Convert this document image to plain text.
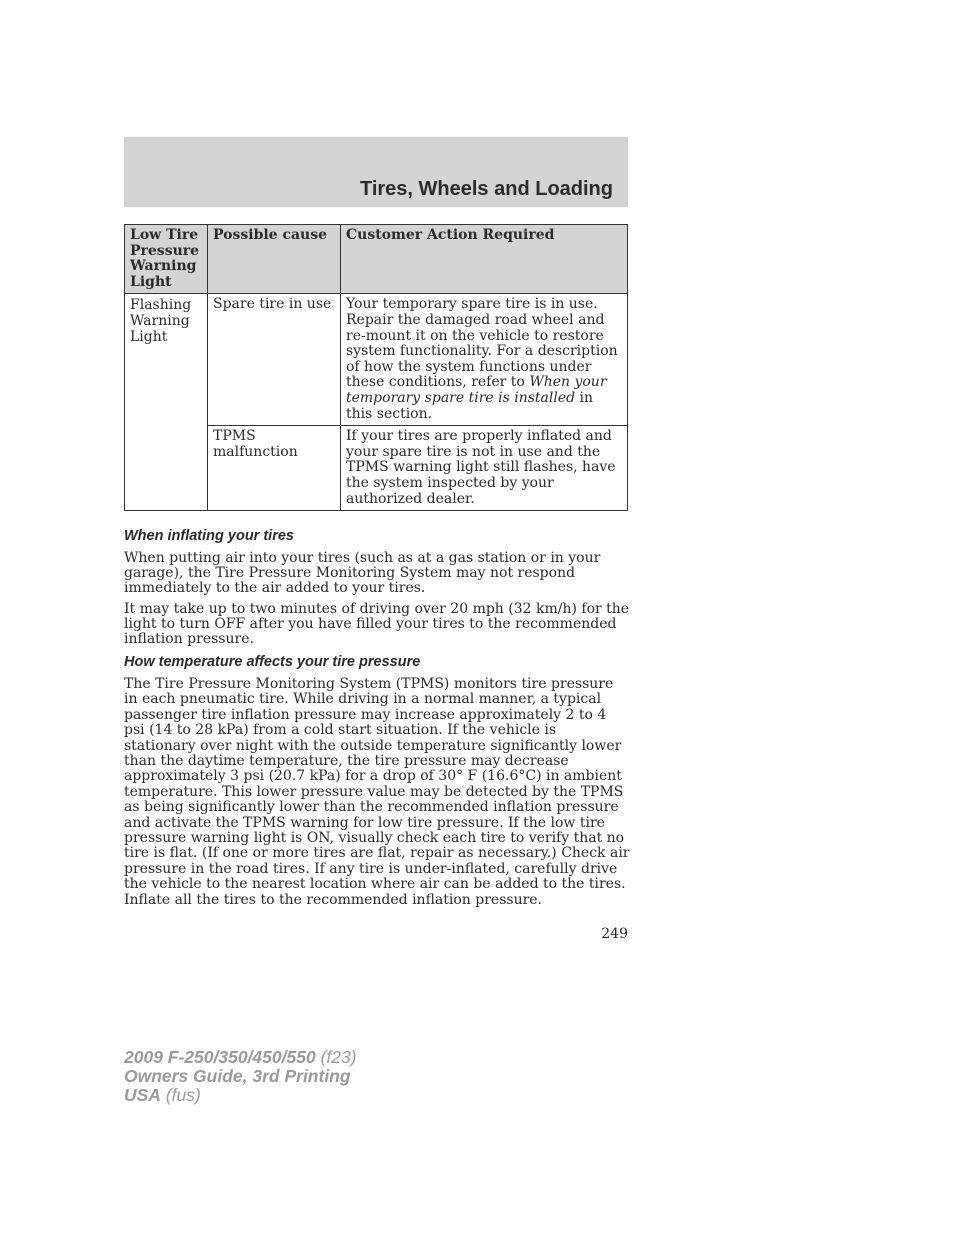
Tires, Wheels and Loading
Low Tire Pressure Warning Light	Possible cause	Customer Action Required
Flashing Warning Light	Spare tire in use	Your temporary spare tire is in use. Repair the damaged road wheel and re-mount it on the vehicle to restore system functionality. For a description of how the system functions under these conditions, refer to When your temporary spare tire is installed in this section.
	TPMS malfunction	If your tires are properly inflated and your spare tire is not in use and the TPMS warning light still flashes, have the system inspected by your authorized dealer.
When inflating your tires
When putting air into your tires (such as at a gas station or in your garage), the Tire Pressure Monitoring System may not respond immediately to the air added to your tires.
It may take up to two minutes of driving over 20 mph (32 km/h) for the light to turn OFF after you have filled your tires to the recommended inflation pressure.
How temperature affects your tire pressure
The Tire Pressure Monitoring System (TPMS) monitors tire pressure in each pneumatic tire. While driving in a normal manner, a typical passenger tire inflation pressure may increase approximately 2 to 4 psi (14 to 28 kPa) from a cold start situation. If the vehicle is stationary over night with the outside temperature significantly lower than the daytime temperature, the tire pressure may decrease approximately 3 psi (20.7 kPa) for a drop of 30° F (16.6°C) in ambient temperature. This lower pressure value may be detected by the TPMS as being significantly lower than the recommended inflation pressure and activate the TPMS warning for low tire pressure. If the low tire pressure warning light is ON, visually check each tire to verify that no tire is flat. (If one or more tires are flat, repair as necessary.) Check air pressure in the road tires. If any tire is under-inflated, carefully drive the vehicle to the nearest location where air can be added to the tires. Inflate all the tires to the recommended inflation pressure.
249
2009 F-250/350/450/550 (f23)
Owners Guide, 3rd Printing
USA (fus)
